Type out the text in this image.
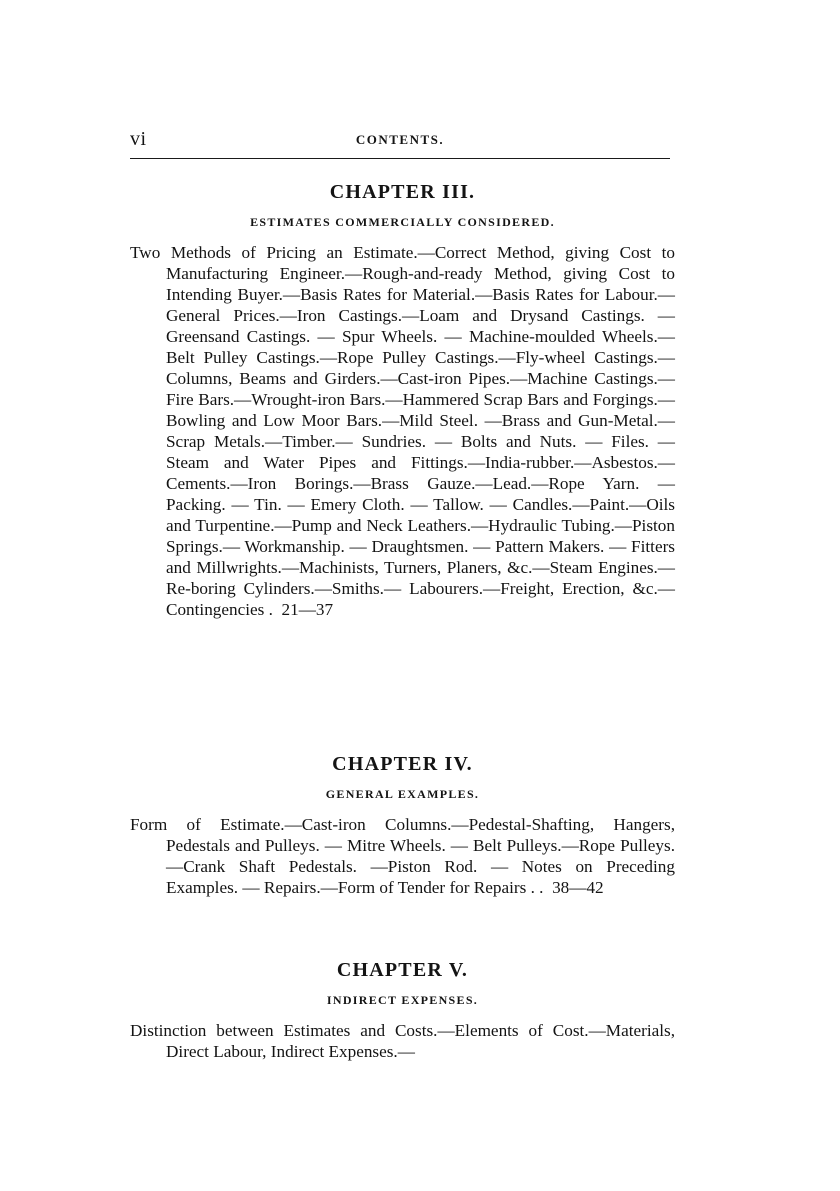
vi	CONTENTS.
CHAPTER III.
ESTIMATES COMMERCIALLY CONSIDERED.

Two Methods of Pricing an Estimate.—Correct Method, giving Cost to Manufacturing Engineer.—Rough-and-ready Method, giving Cost to Intending Buyer.—Basis Rates for Material.—Basis Rates for Labour.—General Prices.—Iron Castings.—Loam and Drysand Castings. — Greensand Castings. — Spur Wheels. — Machine-moulded Wheels.—Belt Pulley Castings.—Rope Pulley Castings.—Fly-wheel Castings.—Columns, Beams and Girders.—Cast-iron Pipes.—Machine Castings.—Fire Bars.—Wrought-iron Bars.—Hammered Scrap Bars and Forgings.—Bowling and Low Moor Bars.—Mild Steel. —Brass and Gun-Metal.—Scrap Metals.—Timber.— Sundries. — Bolts and Nuts. — Files. — Steam and Water Pipes and Fittings.—India-rubber.—Asbestos.— Cements.—Iron Borings.—Brass Gauze.—Lead.—Rope Yarn. — Packing. — Tin. — Emery Cloth. — Tallow. — Candles.—Paint.—Oils and Turpentine.—Pump and Neck Leathers.—Hydraulic Tubing.—Piston Springs.— Workmanship. — Draughtsmen. — Pattern Makers. — Fitters and Millwrights.—Machinists, Turners, Planers, &c.—Steam Engines.—Re-boring Cylinders.—Smiths.— Labourers.—Freight, Erection, &c.—Contingencies . 21—37

CHAPTER IV.
GENERAL EXAMPLES.

Form of Estimate.—Cast-iron Columns.—Pedestal-Shafting, Hangers, Pedestals and Pulleys. — Mitre Wheels. — Belt Pulleys.—Rope Pulleys.—Crank Shaft Pedestals. —Piston Rod. — Notes on Preceding Examples. — Repairs.—Form of Tender for Repairs . . 38—42

CHAPTER V.
INDIRECT EXPENSES.

Distinction between Estimates and Costs.—Elements of Cost.—Materials, Direct Labour, Indirect Expenses.—
